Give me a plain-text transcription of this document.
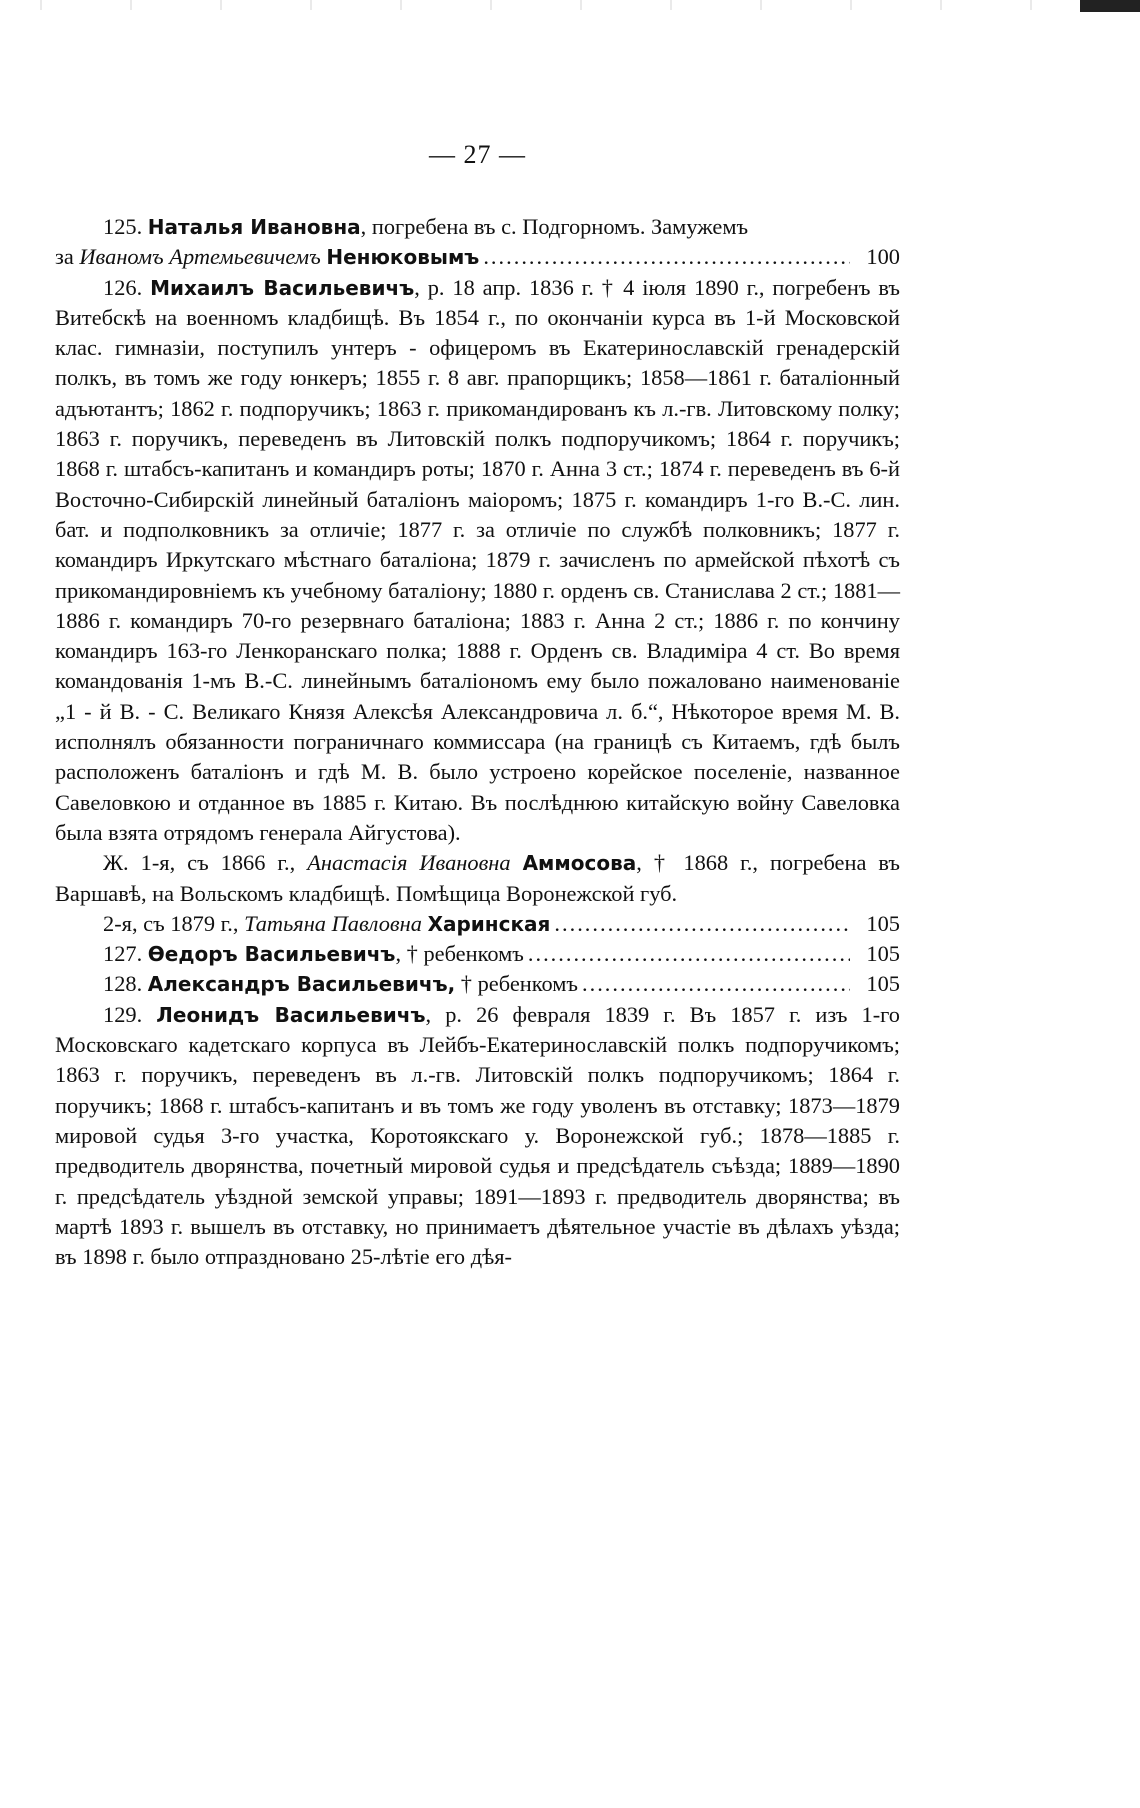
— 27 —

125. Наталья Ивановна, погребена въ с. Подгорномъ. Замужемъ

за Иваномъ Артемьевичемъ Ненюковымъ .....	100

126. Михаилъ Васильевичъ, р. 18 апр. 1836 г. † 4 іюля 1890 г., погребенъ въ Витебскѣ на военномъ кладбищѣ. Въ 1854 г., по окончаніи курса въ 1-й Московской клас. гимназіи, поступилъ унтеръ - офицеромъ въ Екатеринославскій гренадерскій полкъ, въ томъ же году юнкеръ; 1855 г. 8 авг. прапорщикъ; 1858—1861 г. баталіонный адъютантъ; 1862 г. подпоручикъ; 1863 г. прикомандированъ къ л.-гв. Литовскому полку; 1863 г. поручикъ, переведенъ въ Литовскій полкъ подпоручикомъ; 1864 г. поручикъ; 1868 г. штабсъ-капитанъ и командиръ роты; 1870 г. Анна 3 ст.; 1874 г. переведенъ въ 6-й Восточно-Сибирскій линейный баталіонъ маіоромъ; 1875 г. командиръ 1-го В.-С. лин. бат. и подполковникъ за отличіе; 1877 г. за отличіе по службѣ полковникъ; 1877 г. командиръ Иркутскаго мѣстнаго баталіона; 1879 г. зачисленъ по армейской пѣхотѣ съ прикомандировніемъ къ учебному баталіону; 1880 г. орденъ св. Станислава 2 ст.; 1881—1886 г. командиръ 70-го резервнаго баталіона; 1883 г. Анна 2 ст.; 1886 г. по кончину командиръ 163-го Ленкоранскаго полка; 1888 г. Орденъ св. Владиміра 4 ст. Во время командованія 1-мъ В.-С. линейнымъ баталіономъ ему было пожаловано наименованіе „1 - й В. - С. Великаго Князя Алексѣя Александровича л. б.“, Нѣкоторое время М. В. исполнялъ обязанности пограничнаго коммиссара (на границѣ съ Китаемъ, гдѣ былъ расположенъ баталіонъ и гдѣ М. В. было устроено корейское поселеніе, названное Савеловкою и отданное въ 1885 г. Китаю. Въ послѣднюю китайскую войну Савеловка была взята отрядомъ генерала Айгустова).

Ж. 1-я, съ 1866 г., Анастасія Ивановна Аммосова, † 1868 г., погребена въ Варшавѣ, на Вольскомъ кладбищѣ. Помѣщица Воронежской губ.

2-я, съ 1879 г., Татьяна Павловна Харинская .....	105
127. Өедоръ Васильевичъ, † ребенкомъ .....	105
128. Александръ Васильевичъ, † ребенкомъ .....	105

129. Леонидъ Васильевичъ, р. 26 февраля 1839 г. Въ 1857 г. изъ 1-го Московскаго кадетскаго корпуса въ Лейбъ-Екатеринославскій полкъ подпоручикомъ; 1863 г. поручикъ, переведенъ въ л.-гв. Литовскій полкъ подпоручикомъ; 1864 г. поручикъ; 1868 г. штабсъ-капитанъ и въ томъ же году уволенъ въ отставку; 1873—1879 мировой судья 3-го участка, Коротоякскаго у. Воронежской губ.; 1878—1885 г. предводитель дворянства, почетный мировой судья и предсѣдатель съѣзда; 1889—1890 г. предсѣдатель уѣздной земской управы; 1891—1893 г. предводитель дворянства; въ мартѣ 1893 г. вышелъ въ отставку, но принимаетъ дѣятельное участіе въ дѣлахъ уѣзда; въ 1898 г. было отпраздновано 25-лѣтіе его дѣя-
